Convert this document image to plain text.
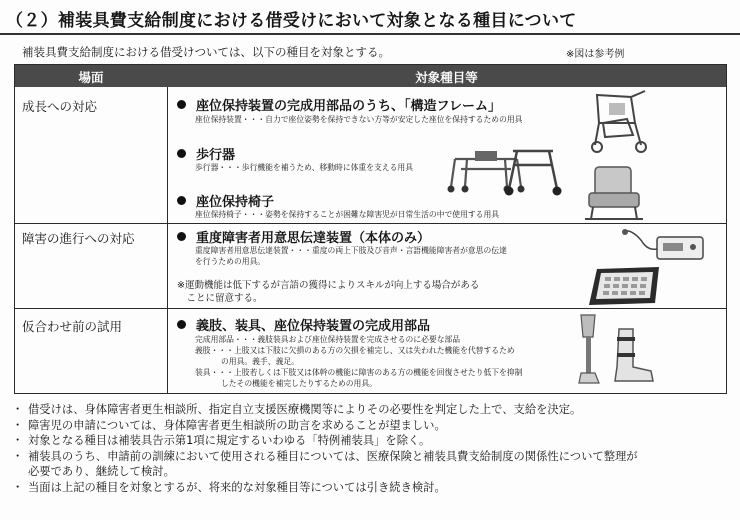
（２）補装具費支給制度における借受けにおいて対象となる種目について
補装具費支給制度における借受けついては、以下の種目を対象とする。	※図は参考例
場面	対象種目等
成長への対応	座位保持装置の完成用部品のうち、「構造フレーム」
座位保持装置・・・自力で座位姿勢を保持できない方等が安定した座位を保持するための用具
歩行器
歩行器・・・歩行機能を補うため、移動時に体重を支える用具
座位保持椅子
座位保持椅子・・・姿勢を保持することが困難な障害児が日常生活の中で使用する用具
障害の進行への対応	重度障害者用意思伝達装置（本体のみ）
重度障害者用意思伝達装置・・・重度の両上下肢及び音声・言語機能障害者が意思の伝達
を行うための用具。
※運動機能は低下するが言語の獲得によりスキルが向上する場合がある
　ことに留意する。
仮合わせ前の試用	義肢、装具、座位保持装置の完成用部品
完成用部品・・・義肢装具および座位保持装置を完成させるのに必要な部品
義肢・・・上肢又は下肢に欠損のある方の欠損を補完し、又は失われた機能を代替するため
の用具。義手、義足。
装具・・・上肢若しくは下肢又は体幹の機能に障害のある方の機能を回復させたり低下を抑制
したその機能を補完したりするための用具。
・ 借受けは、身体障害者更生相談所、指定自立支援医療機関等によりその必要性を判定した上で、支給を決定。
・ 障害児の申請については、身体障害者更生相談所の助言を求めることが望ましい。
・ 対象となる種目は補装具告示第1項に規定するいわゆる「特例補装具」を除く。
・ 補装具のうち、申請前の訓練において使用される種目については、医療保険と補装具費支給制度の関係性について整理が
必要であり、継続して検討。
・ 当面は上記の種目を対象とするが、将来的な対象種目等については引き続き検討。
